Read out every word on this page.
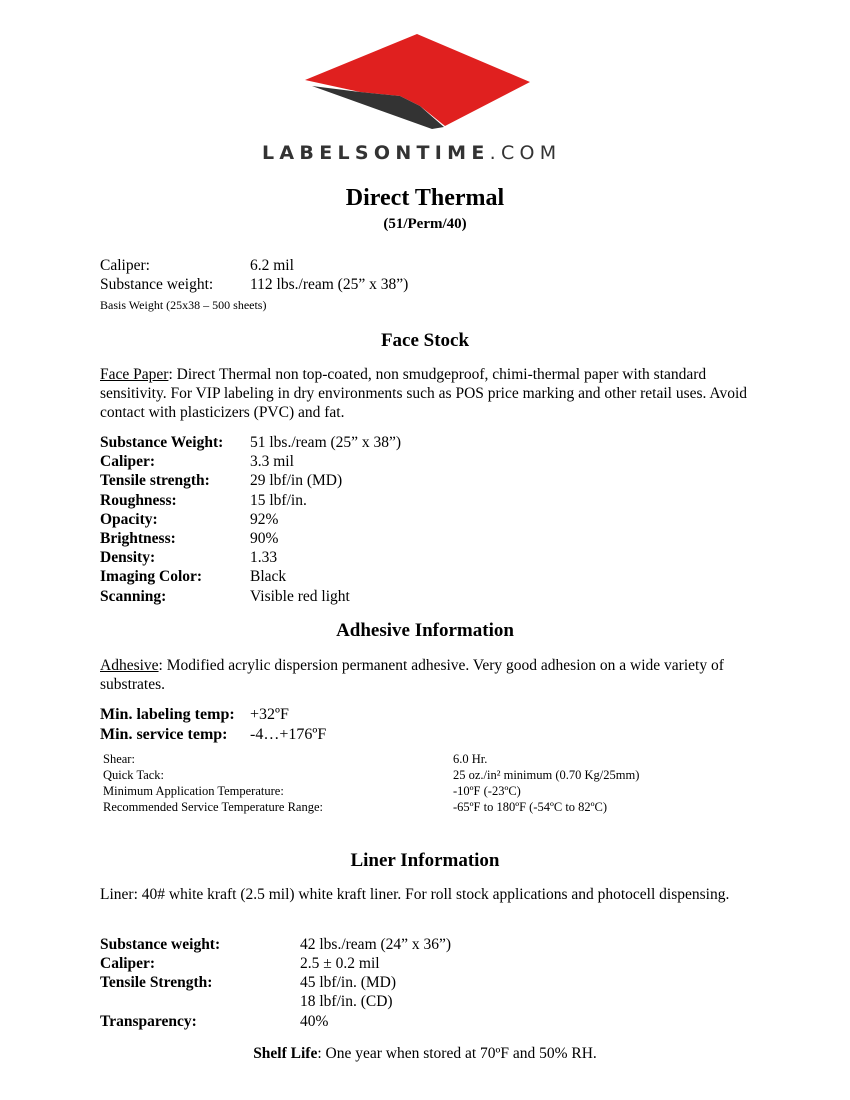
LABELSONTIME.COM
Direct Thermal
(51/Perm/40)
Caliper:	6.2 mil
Substance weight: 112 lbs./ream (25” x 38”)
Basis Weight (25x38 – 500 sheets)
Face Stock
Face Paper: Direct Thermal non top-coated, non smudgeproof, chimi-thermal paper with standard sensitivity. For VIP labeling in dry environments such as POS price marking and other retail uses. Avoid contact with plasticizers (PVC) and fat.
Substance Weight: 51 lbs./ream (25” x 38”)
Caliper:	3.3 mil
Tensile strength:	29 lbf/in (MD)
Roughness:	15 lbf/in.
Opacity:	92%
Brightness:	90%
Density:	1.33
Imaging Color:	Black
Scanning:	Visible red light
Adhesive Information
Adhesive: Modified acrylic dispersion permanent adhesive. Very good adhesion on a wide variety of substrates.
Min. labeling temp: +32ºF
Min. service temp: -4…+176ºF
Shear:	6.0 Hr.
Quick Tack:	25 oz./in² minimum (0.70 Kg/25mm)
Minimum Application Temperature:	-10ºF (-23ºC)
Recommended Service Temperature Range:	-65ºF to 180ºF (-54ºC to 82ºC)
Liner Information
Liner: 40# white kraft (2.5 mil) white kraft liner. For roll stock applications and photocell dispensing.
Substance weight:	42 lbs./ream (24” x 36”)
Caliper:	2.5 ± 0.2 mil
Tensile Strength:	45 lbf/in. (MD)
18 lbf/in. (CD)
Transparency:	40%
Shelf Life: One year when stored at 70ºF and 50% RH.
